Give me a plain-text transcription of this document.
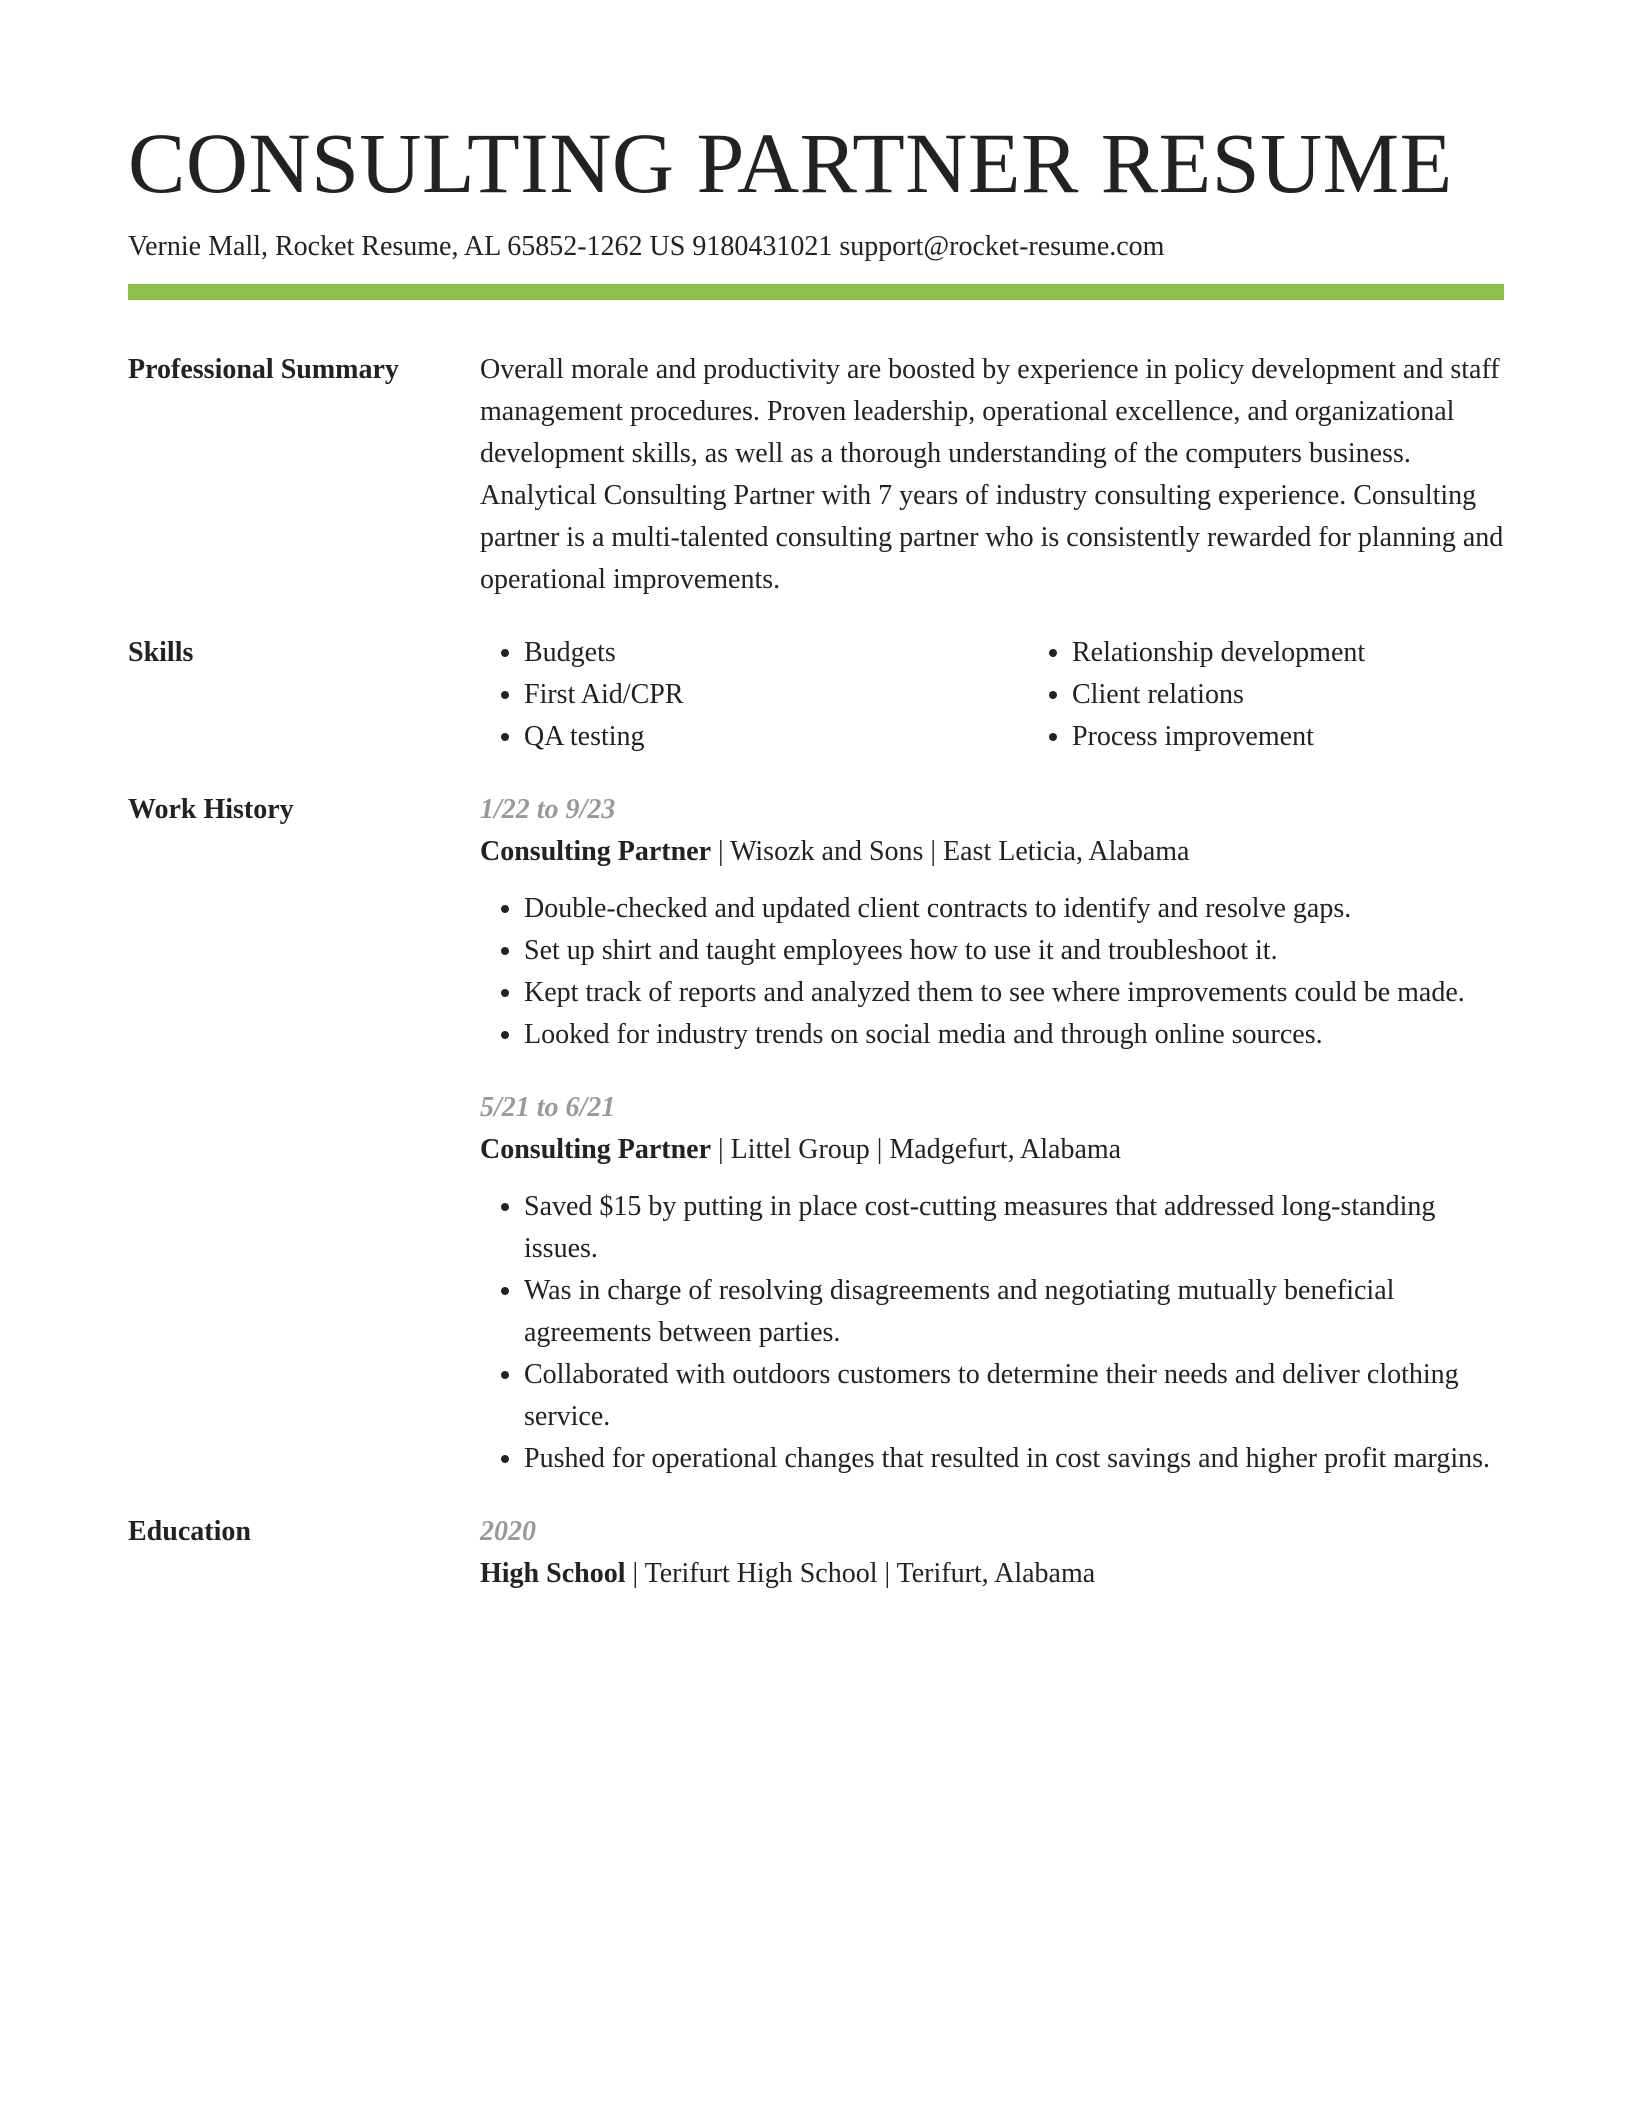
CONSULTING PARTNER RESUME
Vernie Mall, Rocket Resume, AL 65852-1262 US 9180431021 support@rocket-resume.com
Professional Summary	Overall morale and productivity are boosted by experience in policy development and staff management procedures. Proven leadership, operational excellence, and organizational development skills, as well as a thorough understanding of the computers business. Analytical Consulting Partner with 7 years of industry consulting experience. Consulting partner is a multi-talented consulting partner who is consistently rewarded for planning and operational improvements.

Skills
•	Budgets
• First Aid/CPR
• QA testing
• Relationship development
• Client relations
• Process improvement
Work History	1/22 to 9/23
Consulting Partner | Wisozk and Sons | East Leticia, Alabama
• Double-checked and updated client contracts to identify and resolve gaps.
• Set up shirt and taught employees how to use it and troubleshoot it.
• Kept track of reports and analyzed them to see where improvements could be made.
• Looked for industry trends on social media and through online sources.
5/21 to 6/21
Consulting Partner | Littel Group | Madgefurt, Alabama
• Saved $15 by putting in place cost-cutting measures that addressed long-standing issues.
• Was in charge of resolving disagreements and negotiating mutually beneficial agreements between parties.
• Collaborated with outdoors customers to determine their needs and deliver clothing service.
• Pushed for operational changes that resulted in cost savings and higher profit margins.
Education	2020
High School | Terifurt High School | Terifurt, Alabama
